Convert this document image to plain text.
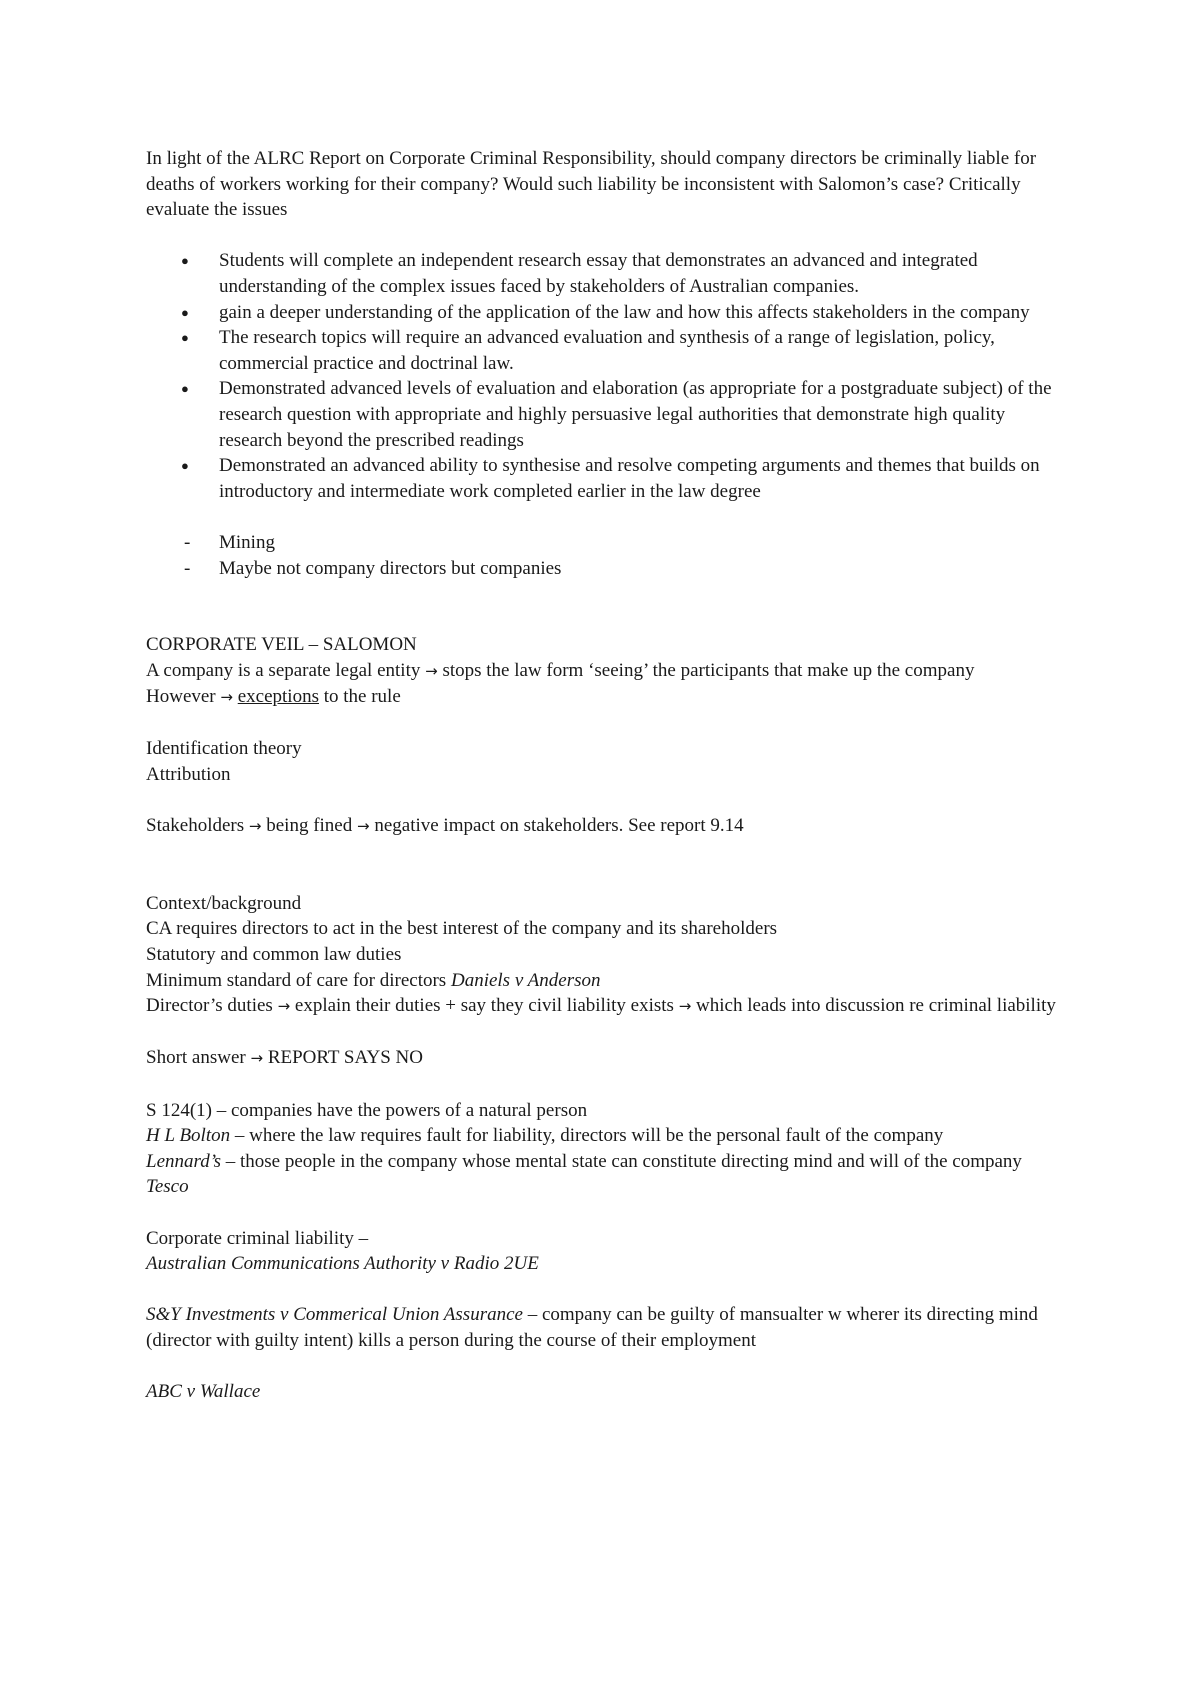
In light of the ALRC Report on Corporate Criminal Responsibility, should company directors be criminally liable for deaths of workers working for their company? Would such liability be inconsistent with Salomon’s case? Critically evaluate the issues

● Students will complete an independent research essay that demonstrates an advanced and integrated understanding of the complex issues faced by stakeholders of Australian companies.
● gain a deeper understanding of the application of the law and how this affects stakeholders in the company
● The research topics will require an advanced evaluation and synthesis of a range of legislation, policy, commercial practice and doctrinal law.
● Demonstrated advanced levels of evaluation and elaboration (as appropriate for a postgraduate subject) of the research question with appropriate and highly persuasive legal authorities that demonstrate high quality research beyond the prescribed readings
● Demonstrated an advanced ability to synthesise and resolve competing arguments and themes that builds on introductory and intermediate work completed earlier in the law degree
- Mining
- Maybe not company directors but companies

CORPORATE VEIL – SALOMON

A company is a separate legal entity → stops the law form ‘seeing’ the participants that make up the company

However → exceptions to the rule

Identification theory

Attribution

Stakeholders → being fined → negative impact on stakeholders. See report 9.14

Context/background

CA requires directors to act in the best interest of the company and its shareholders

Statutory and common law duties

Minimum standard of care for directors Daniels v Anderson

Director’s duties → explain their duties + say they civil liability exists → which leads into discussion re criminal liability

Short answer → REPORT SAYS NO

S 124(1) – companies have the powers of a natural person

H L Bolton – where the law requires fault for liability, directors will be the personal fault of the company

Lennard’s – those people in the company whose mental state can constitute directing mind and will of the company

Tesco

Corporate criminal liability –

Australian Communications Authority v Radio 2UE

S&Y Investments v Commerical Union Assurance – company can be guilty of mansualter w wherer its directing mind (director with guilty intent) kills a person during the course of their employment

ABC v Wallace
